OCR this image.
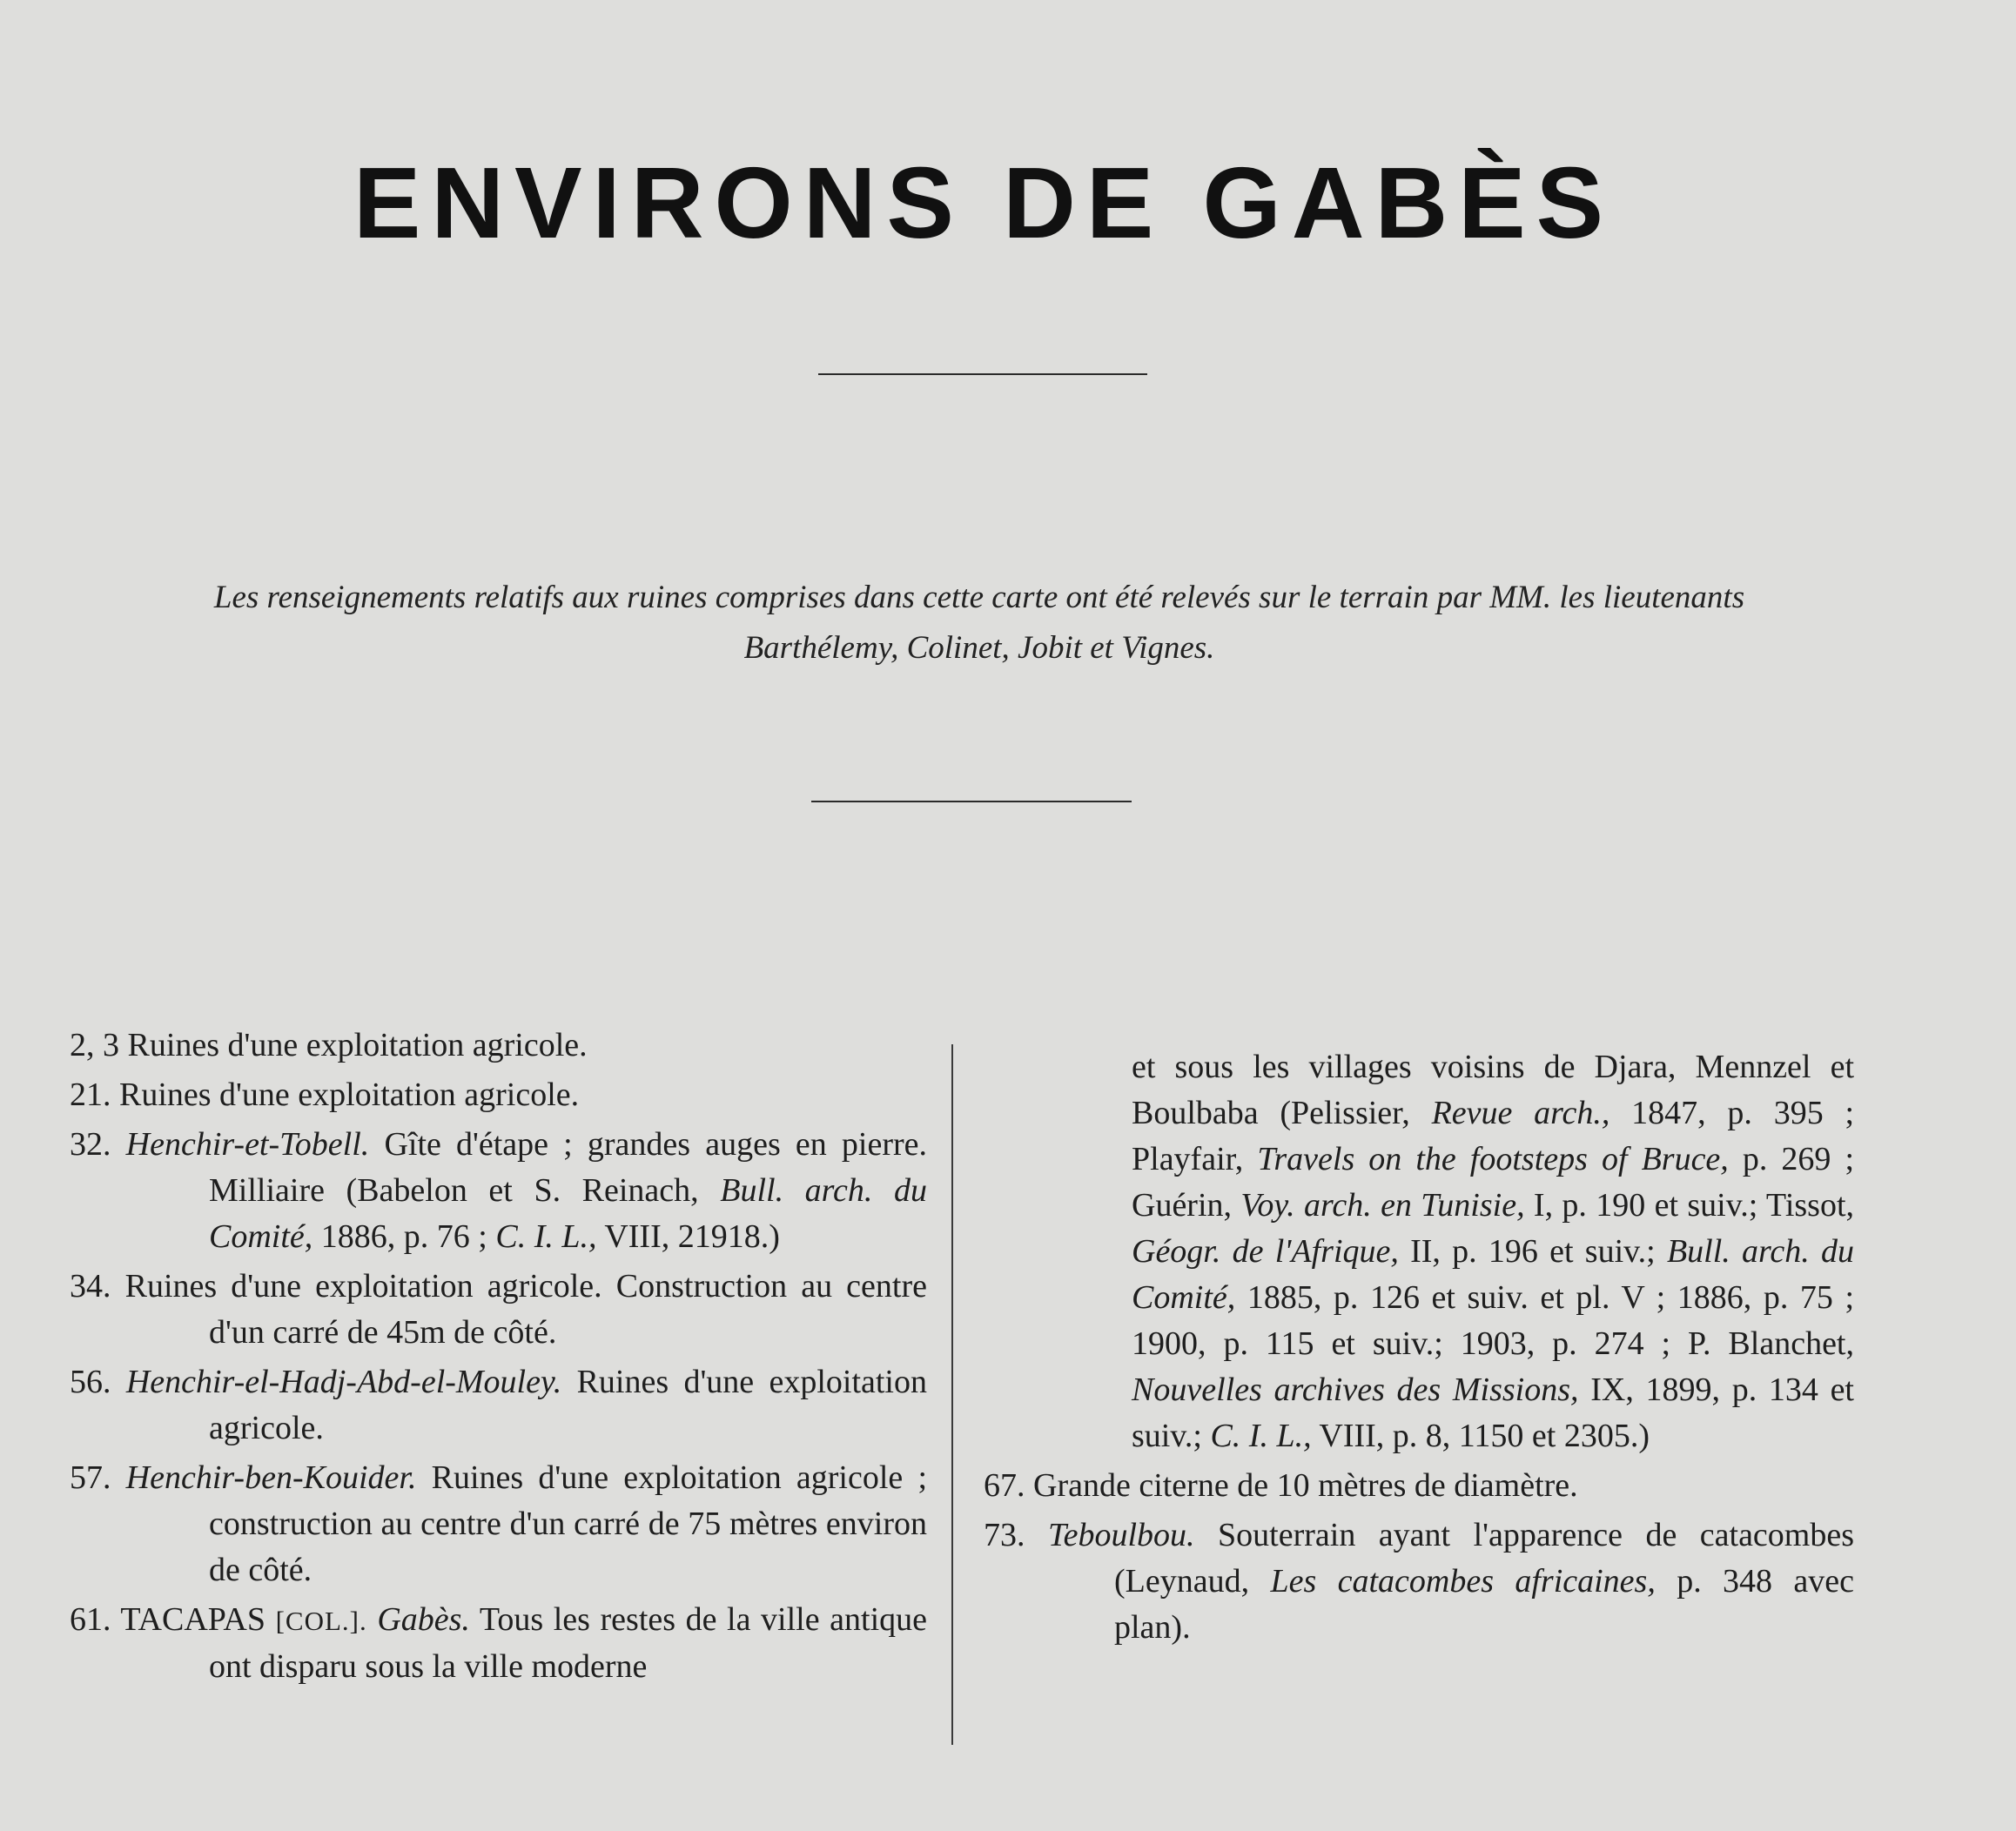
ENVIRONS DE GABÈS
Les renseignements relatifs aux ruines comprises dans cette carte ont été relevés sur le terrain par MM. les lieutenants Barthélemy, Colinet, Jobit et Vignes.

2, 3 Ruines d'une exploitation agricole.

21. Ruines d'une exploitation agricole.

32. Henchir-et-Tobell. Gîte d'étape ; grandes auges en pierre. Milliaire (Babelon et S. Reinach, Bull. arch. du Comité, 1886, p. 76 ; C. I. L., VIII, 21918.)

34. Ruines d'une exploitation agricole. Construction au centre d'un carré de 45m de côté.

56. Henchir-el-Hadj-Abd-el-Mouley. Ruines d'une exploitation agricole.

57. Henchir-ben-Kouider. Ruines d'une exploitation agricole ; construction au centre d'un carré de 75 mètres environ de côté.

61. TACAPAS [COL.]. Gabès. Tous les restes de la ville antique ont disparu sous la ville moderne

et sous les villages voisins de Djara, Mennzel et Boulbaba (Pelissier, Revue arch., 1847, p. 395 ; Playfair, Travels on the footsteps of Bruce, p. 269 ; Guérin, Voy. arch. en Tunisie, I, p. 190 et suiv.; Tissot, Géogr. de l'Afrique, II, p. 196 et suiv.; Bull. arch. du Comité, 1885, p. 126 et suiv. et pl. V ; 1886, p. 75 ; 1900, p. 115 et suiv.; 1903, p. 274 ; P. Blanchet, Nouvelles archives des Missions, IX, 1899, p. 134 et suiv.; C. I. L., VIII, p. 8, 1150 et 2305.)

67. Grande citerne de 10 mètres de diamètre.

73. Teboulbou. Souterrain ayant l'apparence de catacombes (Leynaud, Les catacombes africaines, p. 348 avec plan).
